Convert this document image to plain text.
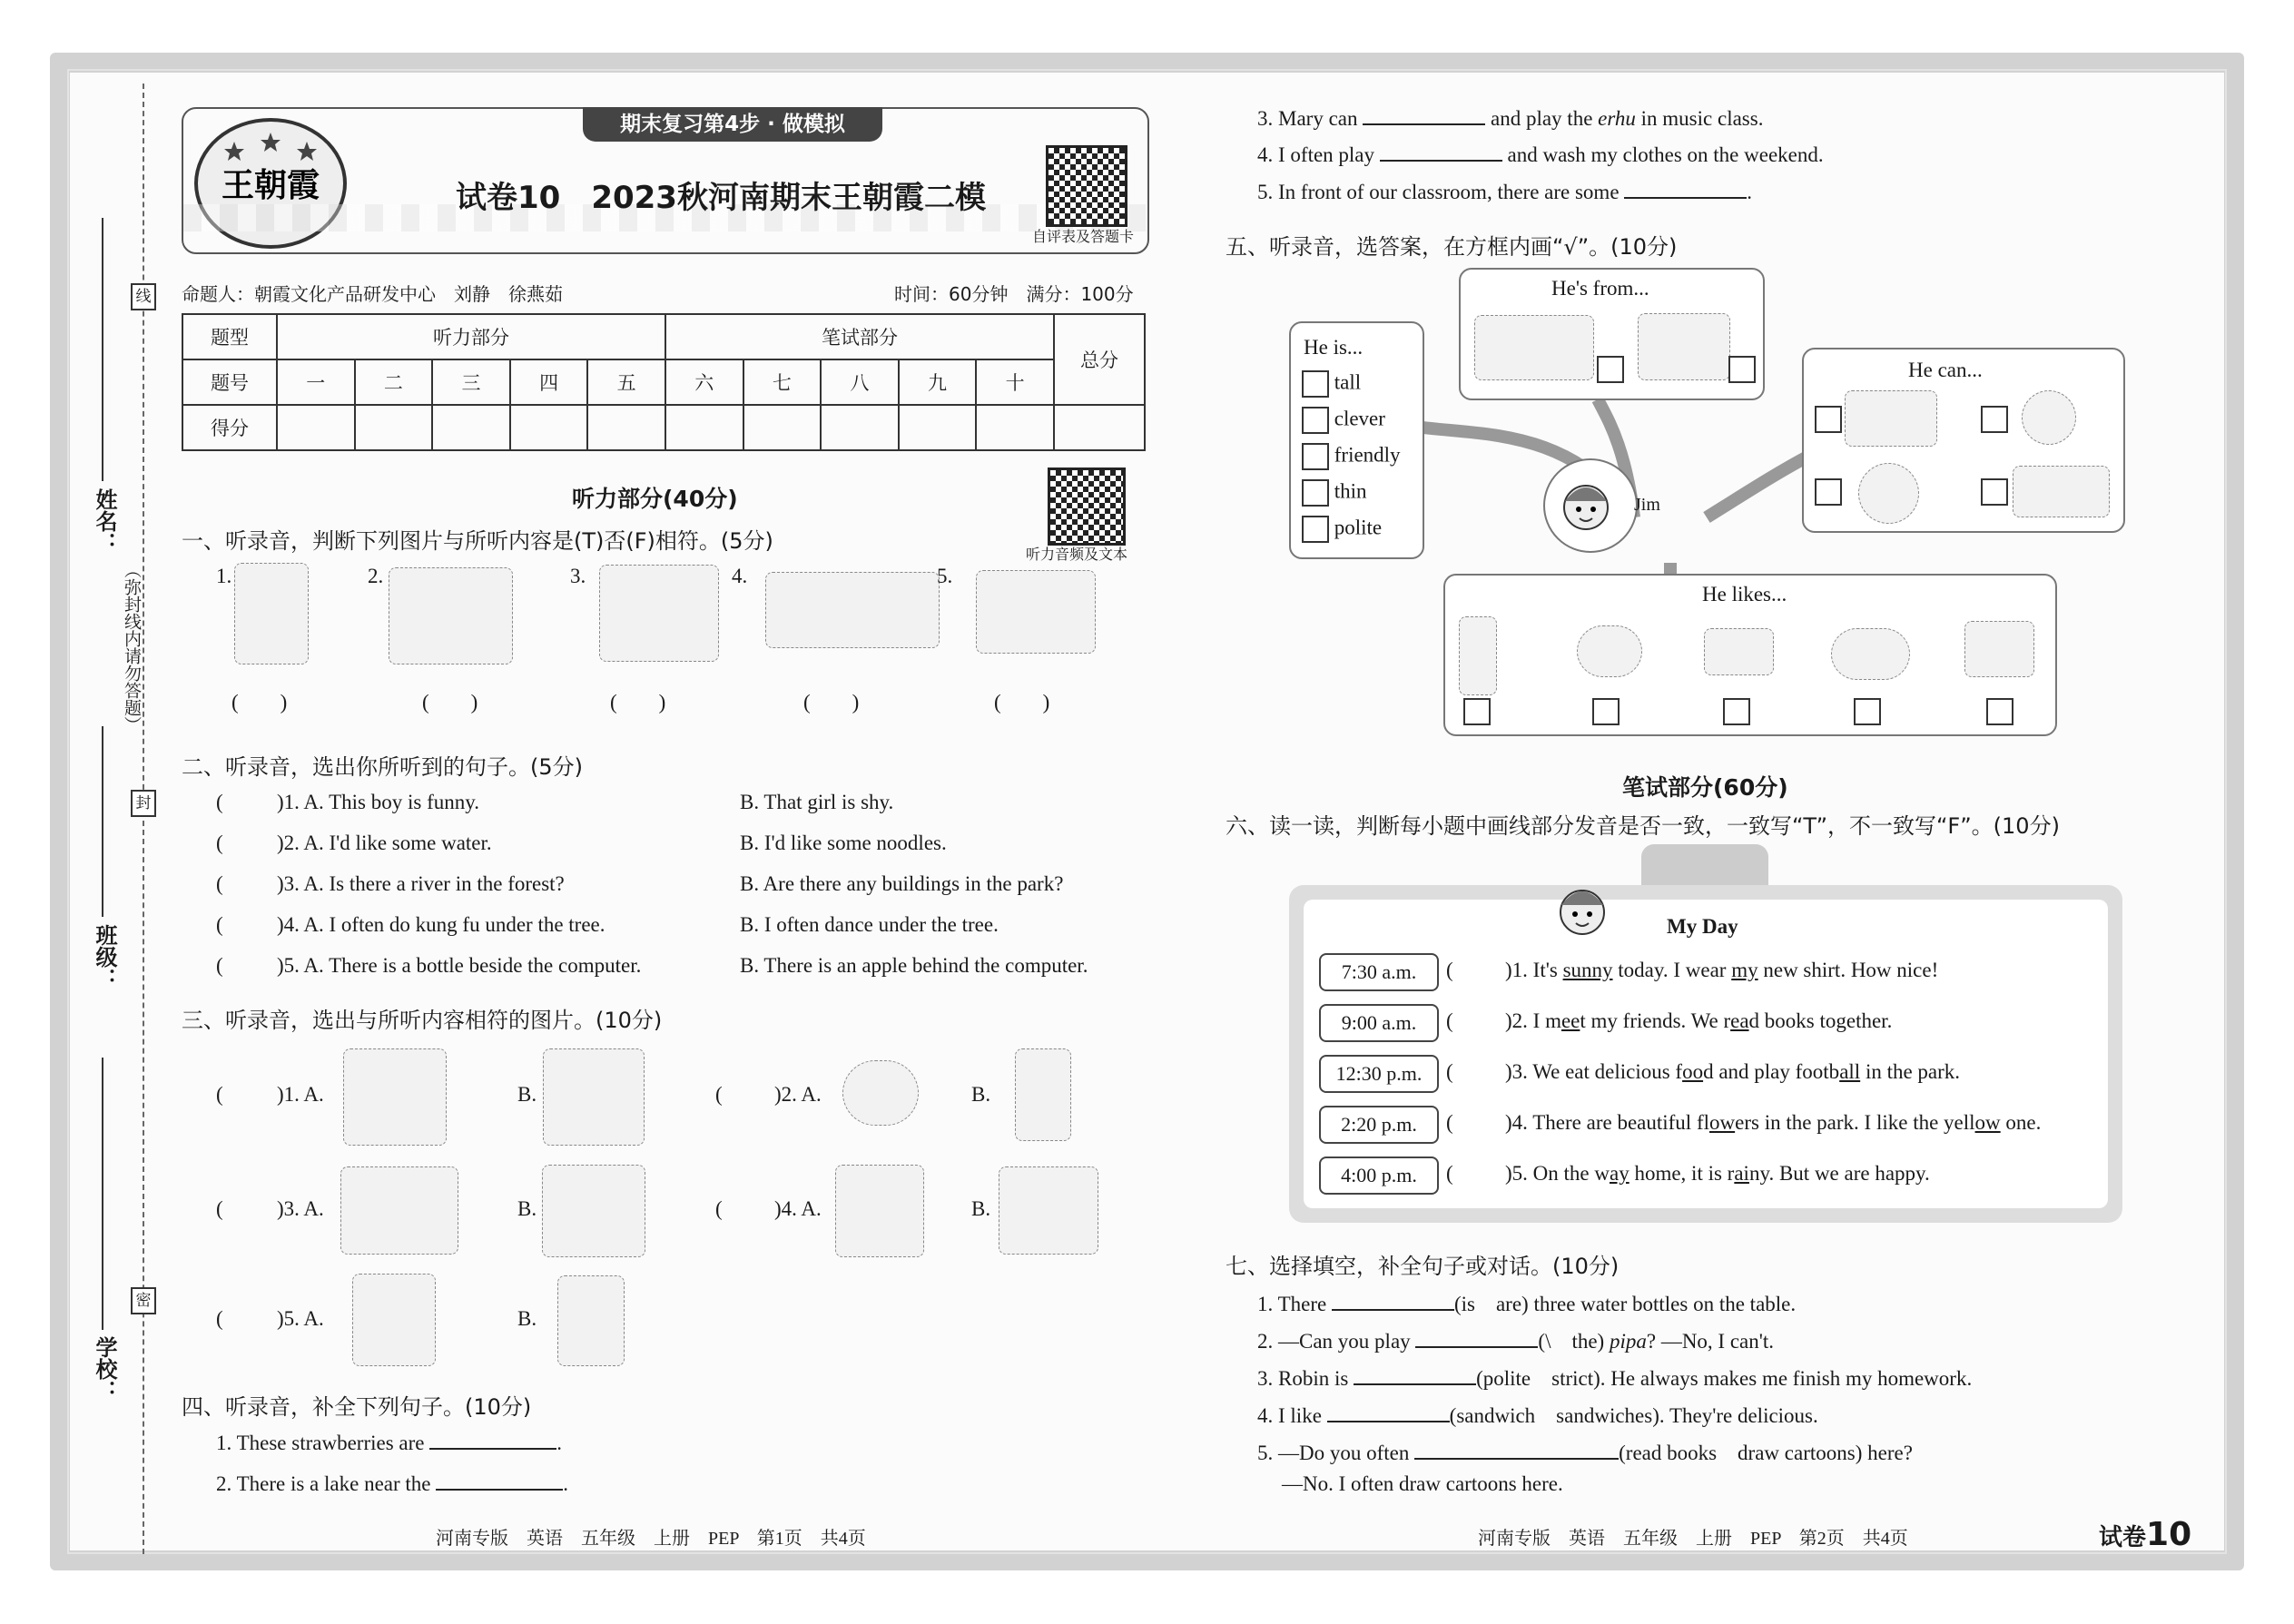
线
封
密
（弥封线内请勿答题）
姓名：
班级：
学校：
王朝霞
期末复习第4步 · 做模拟
试卷10　2023秋河南期末王朝霞二模
自评表及答题卡
命题人：朝霞文化产品研发中心　刘静　徐燕茹	时间：60分钟　满分：100分
题型	听力部分					笔试部分					总分
题号	一	二	三	四	五	六	七	八	九	十	
得分											
听力部分(40分)
听力音频及文本
一、听录音，判断下列图片与所听内容是(T)否(F)相符。(5分)
1.
(　　)
2.
(　　)
3.
(　　)
4.
(　　)
5.
(　　)
二、听录音，选出你所听到的句子。(5分)
(	)1. A. This boy is funny.	B. That girl is shy.
(	)2. A. I'd like some water.	B. I'd like some noodles.
(	)3. A. Is there a river in the forest?	B. Are there any buildings in the park?
(	)4. A. I often do kung fu under the tree.	B. I often dance under the tree.
(	)5. A. There is a bottle beside the computer.	B. There is an apple behind the computer.
三、听录音，选出与所听内容相符的图片。(10分)
(	)1. A.	B.	( )2. A.	B.
(	)3. A.	B.	( )4. A.	B.
(	)5. A.	B.
四、听录音，补全下列句子。(10分)
1. These strawberries are	.
2. There is a lake near the	.
3. Mary can	and play the erhu in music class.
4. I often play	and wash my clothes on the weekend.
5. In front of our classroom, there are some	.
五、听录音，选答案，在方框内画“√”。(10分)
He is...
tall
clever
friendly
thin
polite
He's from...
He can...
Jim
He likes...
笔试部分(60分)
六、读一读，判断每小题中画线部分发音是否一致，一致写“T”，不一致写“F”。(10分)
My Day
7:30 a.m.	( )1. It's sunny today. I wear my new shirt. How nice!
9:00 a.m.	( )2. I meet my friends. We read books together.
12:30 p.m.	( )3. We eat delicious food and play football in the park.
2:20 p.m.	( )4. There are beautiful flowers in the park. I like the yellow one.
4:00 p.m.	( )5. On the way home, it is rainy. But we are happy.
七、选择填空，补全句子或对话。(10分)
1. There	(is　are) three water bottles on the table.
2. —Can you play	(\　the) pipa? —No, I can't.
3. Robin is	(polite　strict). He always makes me finish my homework.
4. I like	(sandwich　sandwiches). They're delicious.
5. —Do you often	(read books　draw cartoons) here?
—No. I often draw cartoons here.
河南专版　英语　五年级　上册　PEP　第1页　共4页	河南专版　英语　五年级　上册　PEP　第2页　共4页	试卷10
